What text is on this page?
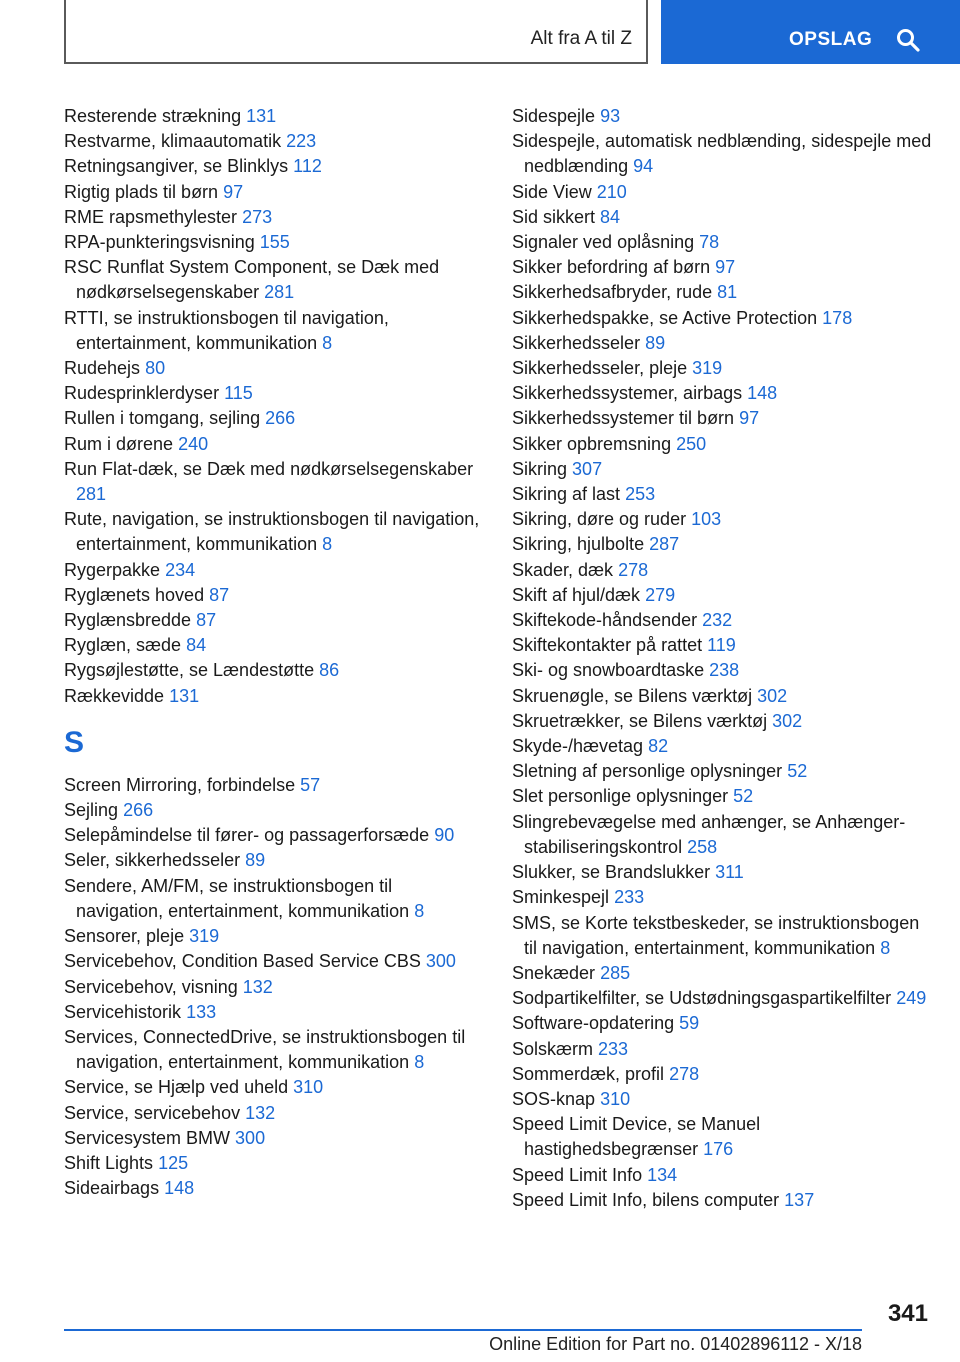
Alt fra A til Z	OPSLAG
Resterende strækning 131
Restvarme, klimaautomatik 223
Retningsangiver, se Blinklys 112
Rigtig plads til børn 97
RME rapsmethylester 273
RPA-punkteringsvisning 155
RSC Runflat System Component, se Dæk med nødkørselsegenskaber 281
RTTI, se instruktionsbogen til navigation, entertainment, kommunikation 8
Rudehejs 80
Rudesprinklerdyser 115
Rullen i tomgang, sejling 266
Rum i dørene 240
Run Flat-dæk, se Dæk med nødkørselsegenskaber 281
Rute, navigation, se instruktionsbogen til navigation, entertainment, kommunikation 8
Rygerpakke 234
Ryglænets hoved 87
Ryglænsbredde 87
Ryglæn, sæde 84
Rygsøjlestøtte, se Lændestøtte 86
Rækkevidde 131
S
Screen Mirroring, forbindelse 57
Sejling 266
Selepåmindelse til fører- og passagerforsæde 90
Seler, sikkerhedsseler 89
Sendere, AM/FM, se instruktionsbogen til navigation, entertainment, kommunikation 8
Sensorer, pleje 319
Servicebehov, Condition Based Service CBS 300
Servicebehov, visning 132
Servicehistorik 133
Services, ConnectedDrive, se instruktionsbogen til navigation, entertainment, kommunikation 8
Service, se Hjælp ved uheld 310
Service, servicebehov 132
Servicesystem BMW 300
Shift Lights 125
Sideairbags 148
Sidespejle 93
Sidespejle, automatisk nedblænding, sidespejle med nedblænding 94
Side View 210
Sid sikkert 84
Signaler ved oplåsning 78
Sikker befordring af børn 97
Sikkerhedsafbryder, rude 81
Sikkerhedspakke, se Active Protection 178
Sikkerhedsseler 89
Sikkerhedsseler, pleje 319
Sikkerhedssystemer, airbags 148
Sikkerhedssystemer til børn 97
Sikker opbremsning 250
Sikring 307
Sikring af last 253
Sikring, døre og ruder 103
Sikring, hjulbolte 287
Skader, dæk 278
Skift af hjul/dæk 279
Skiftekode-håndsender 232
Skiftekontakter på rattet 119
Ski- og snowboardtaske 238
Skruenøgle, se Bilens værktøj 302
Skruetrækker, se Bilens værktøj 302
Skyde-/hævetag 82
Sletning af personlige oplysninger 52
Slet personlige oplysninger 52
Slingrebevægelse med anhænger, se Anhænger-stabiliseringskontrol 258
Slukker, se Brandslukker 311
Sminkespejl 233
SMS, se Korte tekstbeskeder, se instruktionsbogen til navigation, entertainment, kommunikation 8
Snekæder 285
Sodpartikelfilter, se Udstødningsgaspartikelfilter 249
Software-opdatering 59
Solskærm 233
Sommerdæk, profil 278
SOS-knap 310
Speed Limit Device, se Manuel hastighedsbegrænser 176
Speed Limit Info 134
Speed Limit Info, bilens computer 137
341
Online Edition for Part no. 01402896112 - X/18
